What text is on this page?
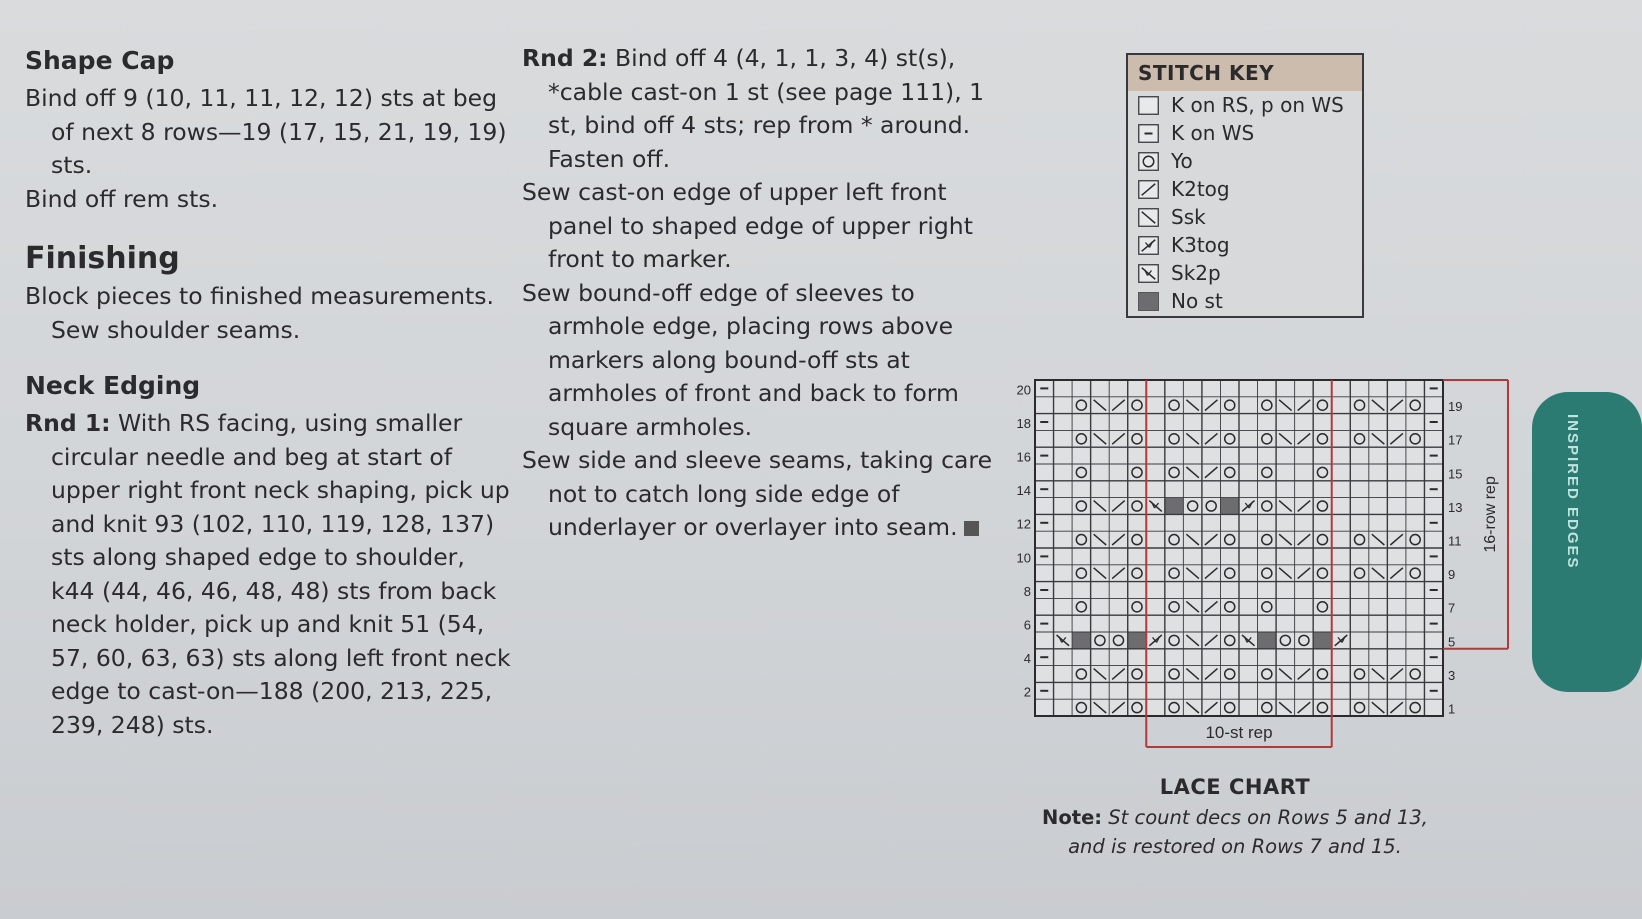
Shape Cap

Bind off 9 (10, 11, 11, 12, 12) sts at beg of next 8 rows—19 (17, 15, 21, 19, 19) sts.

Bind off rem sts.

Finishing

Block pieces to finished measurements. Sew shoulder seams.

Neck Edging

Rnd 1: With RS facing, using smaller circular needle and beg at start of upper right front neck shaping, pick up and knit 93 (102, 110, 119, 128, 137) sts along shaped edge to shoulder, k44 (44, 46, 46, 48, 48) sts from back neck holder, pick up and knit 51 (54, 57, 60, 63, 63) sts along left front neck edge to cast-on—188 (200, 213, 225, 239, 248) sts.

Rnd 2: Bind off 4 (4, 1, 1, 3, 4) st(s), *cable cast-on 1 st (see page 111), 1 st, bind off 4 sts; rep from * around. Fasten off.

Sew cast-on edge of upper left front panel to shaped edge of upper right front to marker.

Sew bound-off edge of sleeves to armhole edge, placing rows above markers along bound-off sts at armholes of front and back to form square armholes.

Sew side and sleeve seams, taking care not to catch long side edge of underlayer or overlayer into seam.

STITCH KEY
K on RS, p on WS
K on WS
Yo
K2tog
Ssk
K3tog
Sk2p
No st
10-st rep
16-row rep
20
18
16
14
12
10
8
6
4
2
19
17
15
13
11
9
7
5
3
1
LACE CHART
Note: St count decs on Rows 5 and 13, and is restored on Rows 7 and 15.
INSPIRED EDGES
